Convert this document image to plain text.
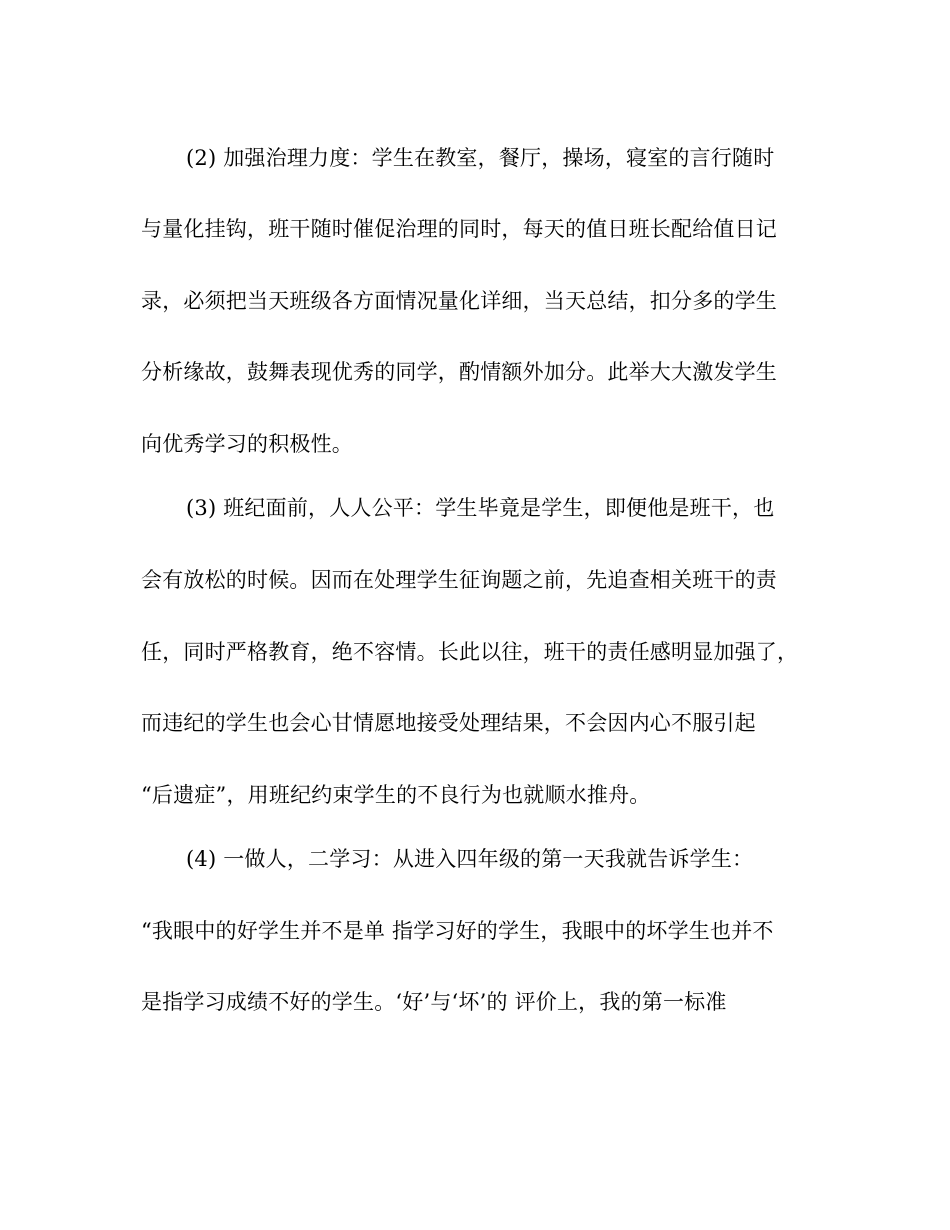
(2) 加强治理力度：学生在教室，餐厅，操场，寝室的言行随时
与量化挂钩，班干随时催促治理的同时，每天的值日班长配给值日记
录，必须把当天班级各方面情况量化详细，当天总结，扣分多的学生
分析缘故，鼓舞表现优秀的同学，酌情额外加分。此举大大激发学生
向优秀学习的积极性。
(3) 班纪面前，人人公平：学生毕竟是学生，即便他是班干，也
会有放松的时候。因而在处理学生征询题之前，先追查相关班干的责
任，同时严格教育，绝不容情。长此以往，班干的责任感明显加强了，
而违纪的学生也会心甘情愿地接受处理结果，不会因内心不服引起
“后遗症”，用班纪约束学生的不良行为也就顺水推舟。
(4) 一做人，二学习：从进入四年级的第一天我就告诉学生：
“我眼中的好学生并不是单 指学习好的学生，我眼中的坏学生也并不
是指学习成绩不好的学生。‘好’与‘坏’的 评价上，我的第一标准
